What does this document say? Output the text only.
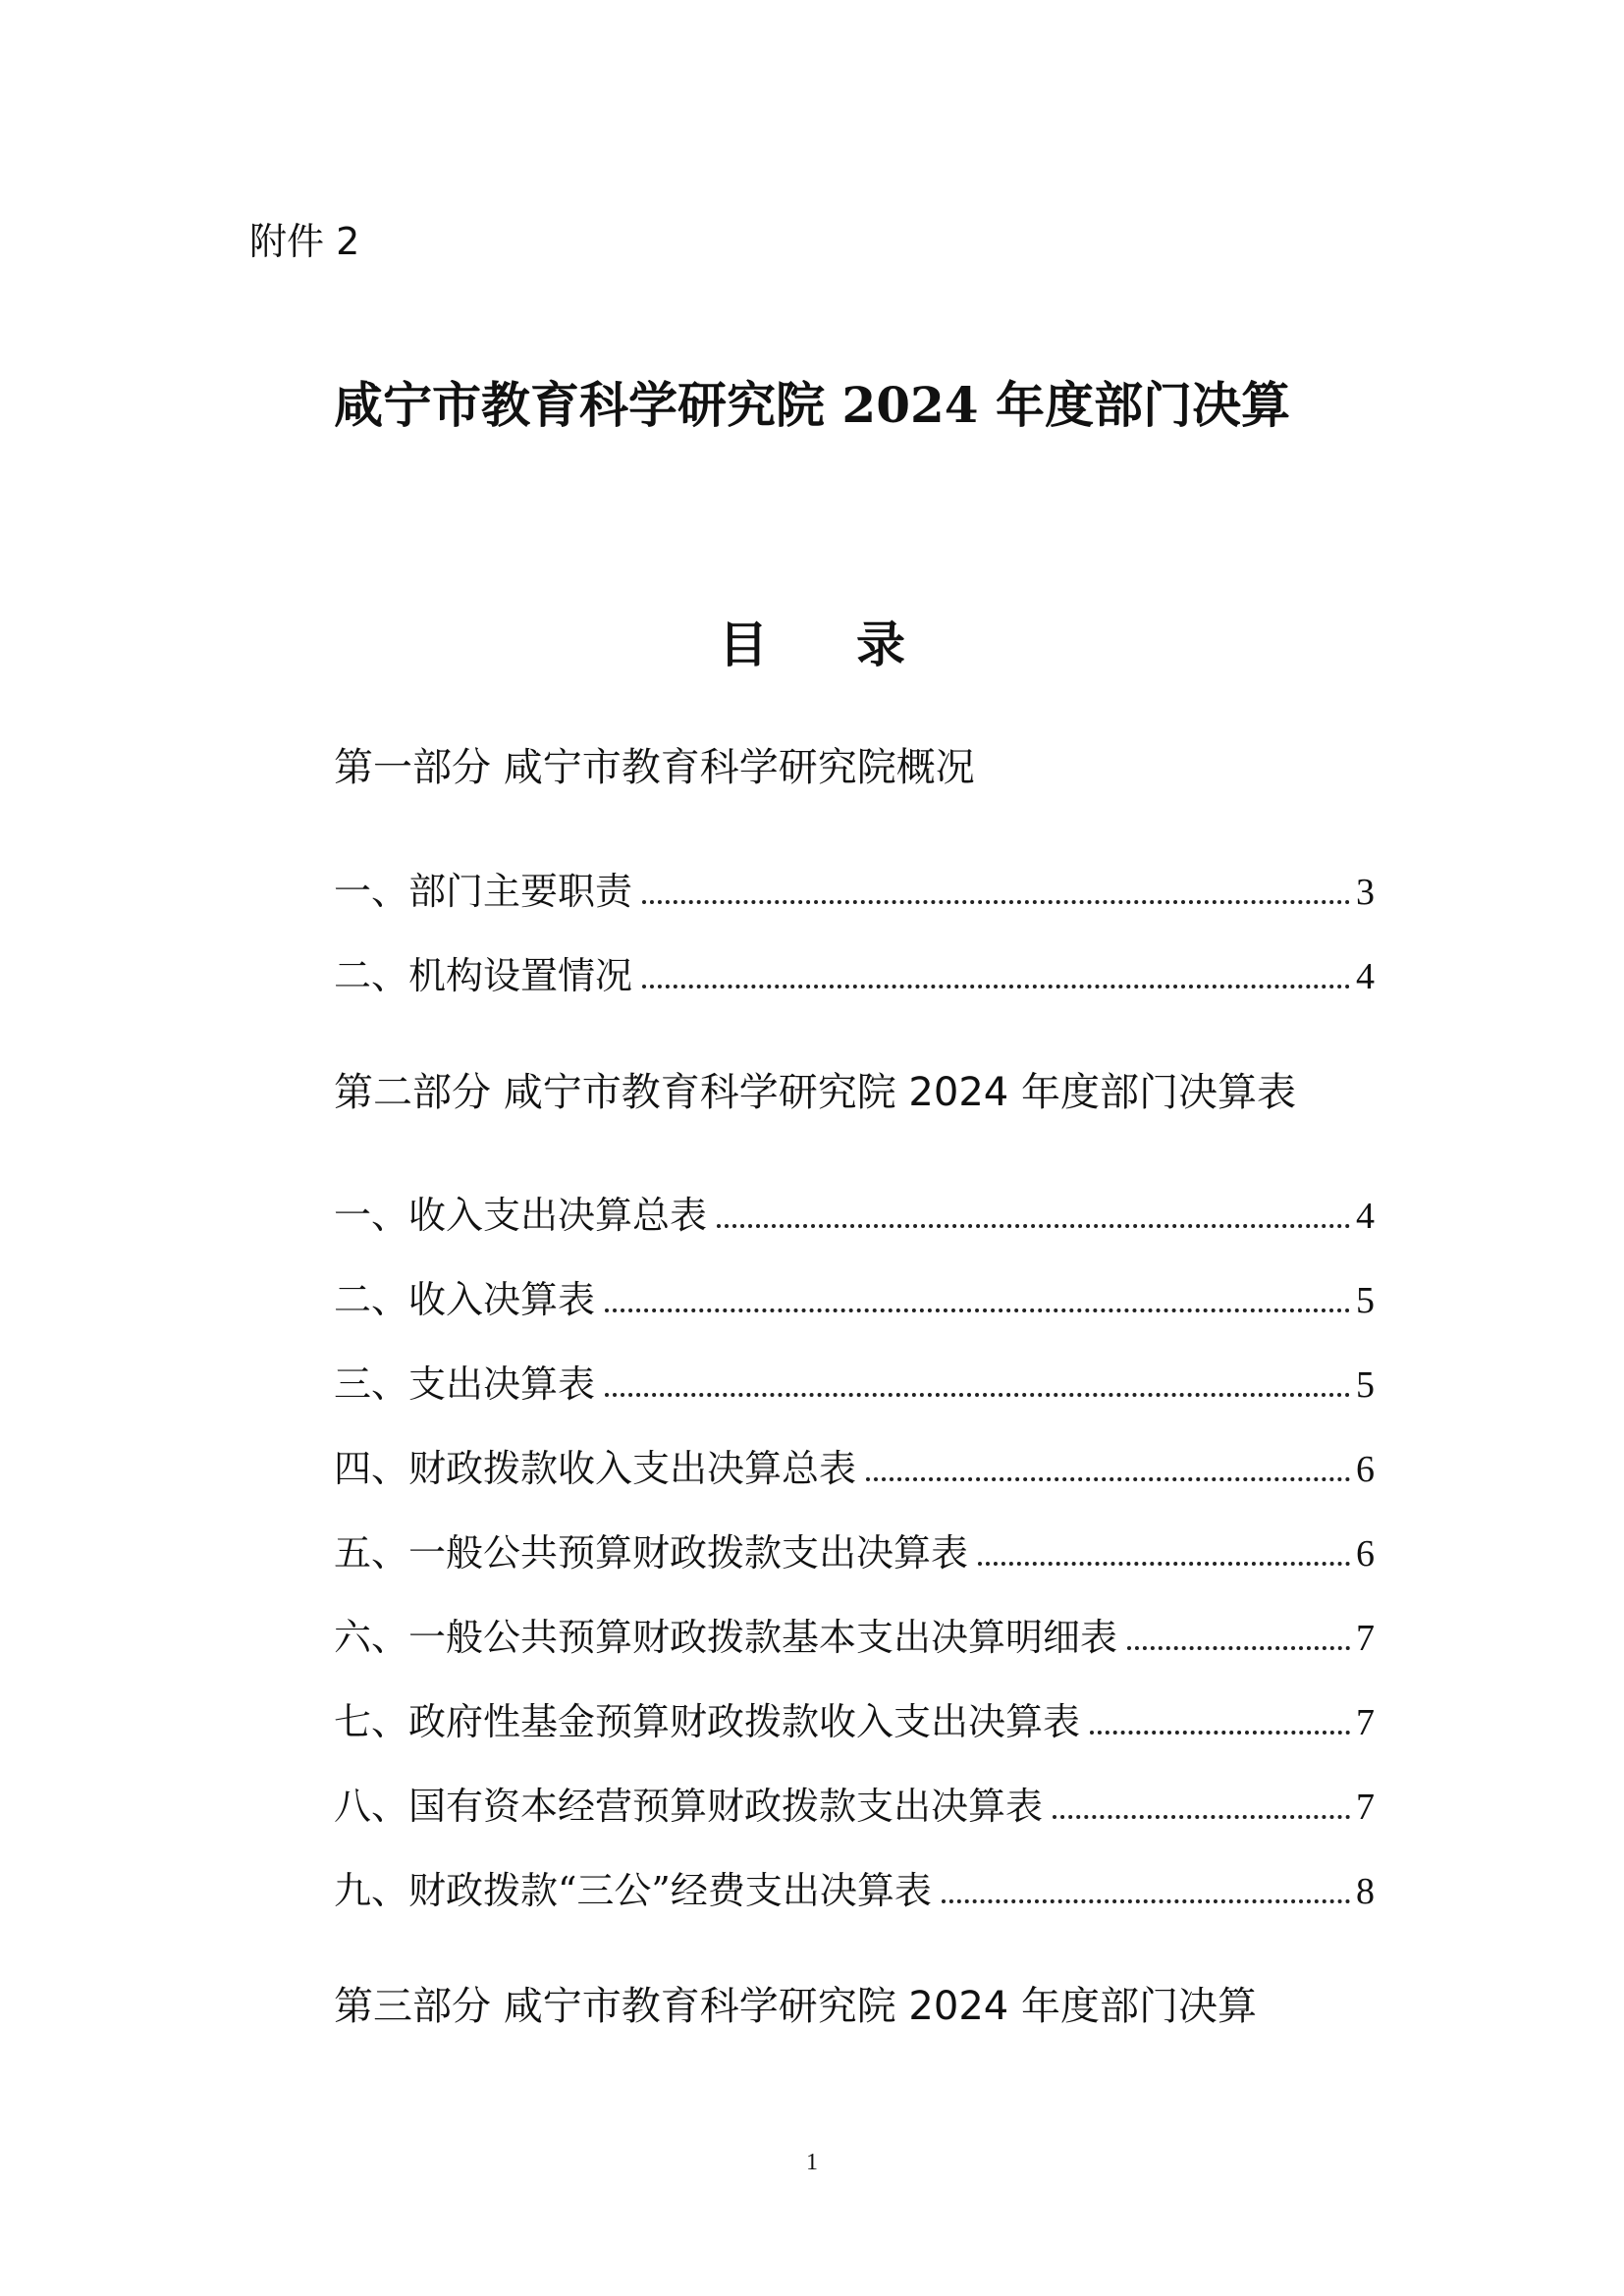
附件 2
咸宁市教育科学研究院 2024 年度部门决算
目录
第一部分 咸宁市教育科学研究院概况
一、部门主要职责	3
二、机构设置情况	4
第二部分 咸宁市教育科学研究院 2024 年度部门决算表
一、收入支出决算总表	4
二、收入决算表	5
三、支出决算表	5
四、财政拨款收入支出决算总表	6
五、一般公共预算财政拨款支出决算表	6
六、一般公共预算财政拨款基本支出决算明细表	7
七、政府性基金预算财政拨款收入支出决算表	7
八、国有资本经营预算财政拨款支出决算表	7
九、财政拨款“三公”经费支出决算表	8
第三部分 咸宁市教育科学研究院 2024 年度部门决算
1
